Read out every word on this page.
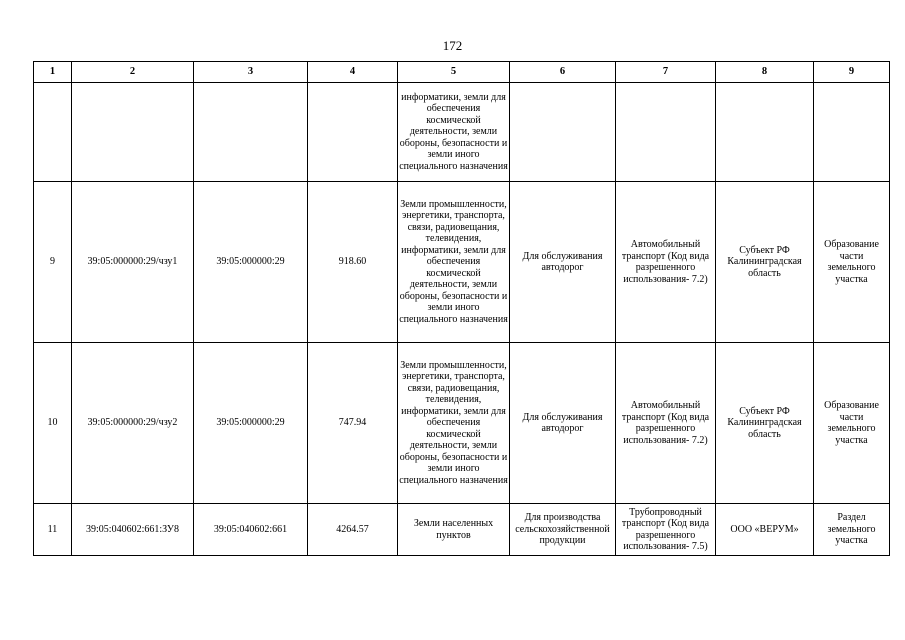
172
1	2	3	4	5	6	7	8	9
				информатики, земли для обеспечения космической деятельности, земли обороны, безопасности и земли иного специального назначения				
9	39:05:000000:29/чзу1	39:05:000000:29	918.60	Земли промышленности, энергетики, транспорта, связи, радиовещания, телевидения, информатики, земли для обеспечения космической деятельности, земли обороны, безопасности и земли иного специального назначения	Для обслуживания автодорог	Автомобильный транспорт (Код вида разрешенного использования- 7.2)	Субъект РФ Калининградская область	Образование части земельного участка
10	39:05:000000:29/чзу2	39:05:000000:29	747.94	Земли промышленности, энергетики, транспорта, связи, радиовещания, телевидения, информатики, земли для обеспечения космической деятельности, земли обороны, безопасности и земли иного специального назначения	Для обслуживания автодорог	Автомобильный транспорт (Код вида разрешенного использования- 7.2)	Субъект РФ Калининградская область	Образование части земельного участка
11	39:05:040602:661:ЗУ8	39:05:040602:661	4264.57	Земли населенных пунктов	Для производства сельскохозяйственной продукции	Трубопроводный транспорт (Код вида разрешенного использования- 7.5)	ООО «ВЕРУМ»	Раздел земельного участка
